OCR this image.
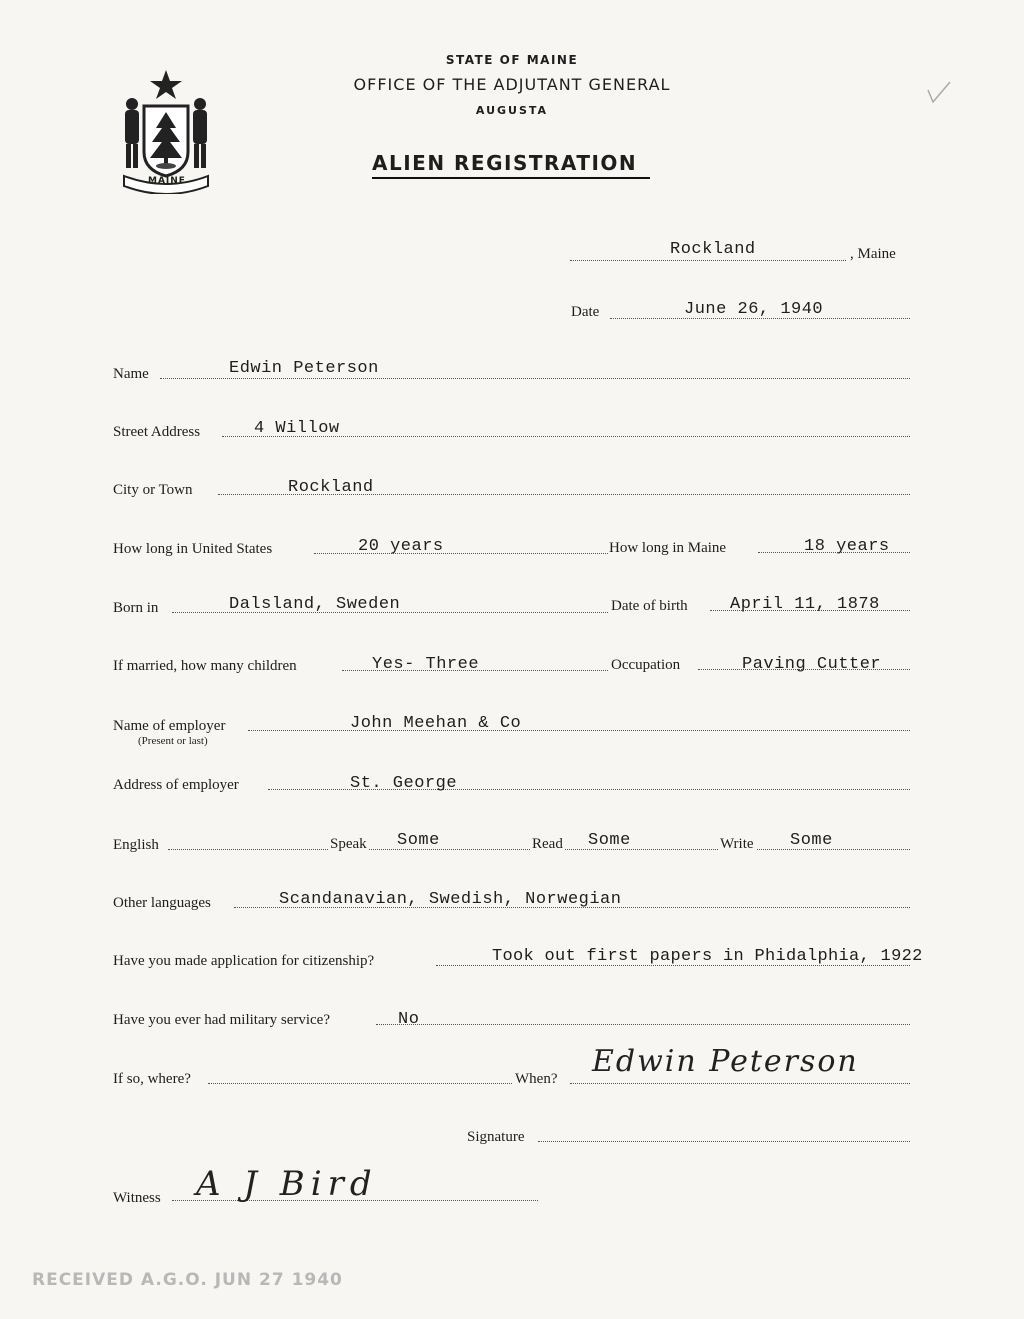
MAINE
STATE OF MAINE
OFFICE OF THE ADJUTANT GENERAL
AUGUSTA
ALIEN REGISTRATION
Rockland	, Maine
Date	June 26, 1940
Name	Edwin Peterson
Street Address	4 Willow
City or Town	Rockland
How long in United States	20 years	How long in Maine	18 years
Born in	Dalsland, Sweden	Date of birth April 11, 1878
If married, how many children	Yes- Three	Occupation	Paving Cutter
Name of employer
(Present or last)
John Meehan & Co
Address of employer	St. George
English	Speak Some	Read Some	Write Some
Other languages	Scandanavian, Swedish, Norwegian
Have you made application for citizenship?	Took out first papers in Phidalphia, 1922
Have you ever had military service?	No
If so, where?	When? Edwin Peterson
Signature
Witness A J Bird
RECEIVED A.G.O. JUN 27 1940
